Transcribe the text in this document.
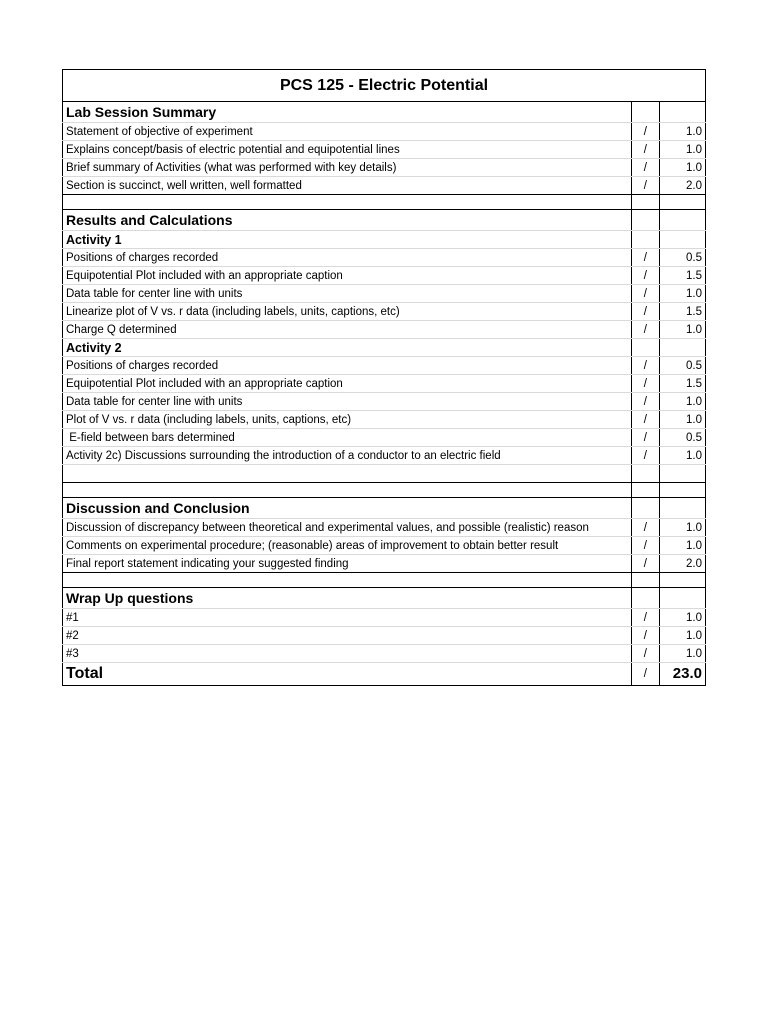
PCS 125 - Electric Potential		
Lab Session Summary		
Statement of objective of experiment	/	1.0
Explains concept/basis of electric potential and equipotential lines	/	1.0
Brief summary of Activities (what was performed with key details)	/	1.0
Section is succinct, well written, well formatted	/	2.0

Results and Calculations		
Activity 1		
Positions of charges recorded	/	0.5
Equipotential Plot included with an appropriate caption	/	1.5
Data table for center line with units	/	1.0
Linearize plot of V vs. r data (including labels, units, captions, etc)	/	1.5
Charge Q determined	/	1.0
Activity 2		
Positions of charges recorded	/	0.5
Equipotential Plot included with an appropriate caption	/	1.5
Data table for center line with units	/	1.0
Plot of V vs. r data (including labels, units, captions, etc)	/	1.0
E-field between bars determined	/	0.5
Activity 2c) Discussions surrounding the introduction of a conductor to an electric field	/	1.0

Discussion and Conclusion		
Discussion of discrepancy between theoretical and experimental values, and possible (realistic) reason	/	1.0
Comments on experimental procedure; (reasonable) areas of improvement to obtain better result	/	1.0
Final report statement indicating your suggested finding	/	2.0

Wrap Up questions		
#1	/	1.0
#2	/	1.0
#3	/	1.0
Total	/	23.0
